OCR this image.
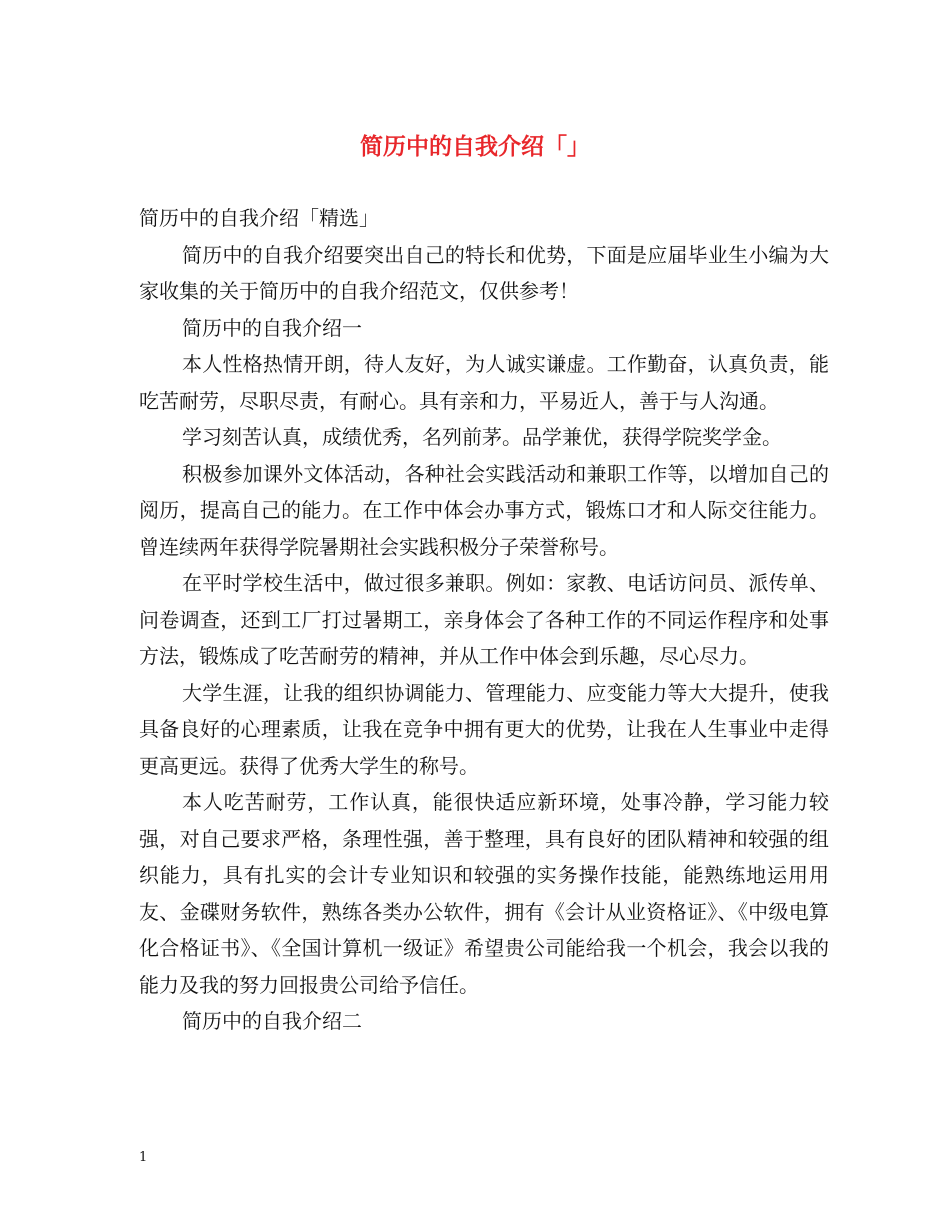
简历中的自我介绍「」

简历中的自我介绍「精选」

简历中的自我介绍要突出自己的特长和优势，下面是应届毕业生小编为大家收集的关于简历中的自我介绍范文，仅供参考！

简历中的自我介绍一

本人性格热情开朗，待人友好，为人诚实谦虚。工作勤奋，认真负责，能吃苦耐劳，尽职尽责，有耐心。具有亲和力，平易近人，善于与人沟通。

学习刻苦认真，成绩优秀，名列前茅。品学兼优，获得学院奖学金。

积极参加课外文体活动，各种社会实践活动和兼职工作等，以增加自己的阅历，提高自己的能力。在工作中体会办事方式，锻炼口才和人际交往能力。曾连续两年获得学院暑期社会实践积极分子荣誉称号。

在平时学校生活中，做过很多兼职。例如：家教、电话访问员、派传单、问卷调查，还到工厂打过暑期工，亲身体会了各种工作的不同运作程序和处事方法，锻炼成了吃苦耐劳的精神，并从工作中体会到乐趣，尽心尽力。

大学生涯，让我的组织协调能力、管理能力、应变能力等大大提升，使我具备良好的心理素质，让我在竞争中拥有更大的优势，让我在人生事业中走得更高更远。获得了优秀大学生的称号。

本人吃苦耐劳，工作认真，能很快适应新环境，处事冷静，学习能力较强，对自己要求严格，条理性强，善于整理，具有良好的团队精神和较强的组织能力，具有扎实的会计专业知识和较强的实务操作技能，能熟练地运用用友、金碟财务软件，熟练各类办公软件，拥有《会计从业资格证》、《中级电算化合格证书》、《全国计算机一级证》希望贵公司能给我一个机会，我会以我的能力及我的努力回报贵公司给予信任。

简历中的自我介绍二

1
